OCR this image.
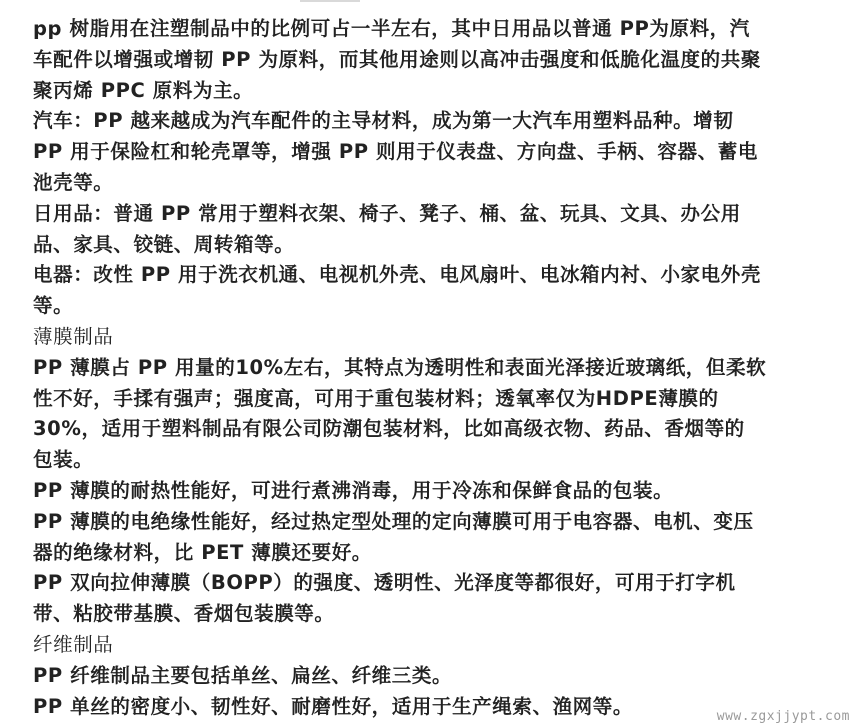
pp 树脂用在注塑制品中的比例可占一半左右，其中日用品以普通 PP为原料，汽
车配件以增强或增韧 PP 为原料，而其他用途则以高冲击强度和低脆化温度的共聚
聚丙烯 PPC 原料为主。
汽车：PP 越来越成为汽车配件的主导材料，成为第一大汽车用塑料品种。增韧
PP 用于保险杠和轮壳罩等，增强 PP 则用于仪表盘、方向盘、手柄、容器、蓄电
池壳等。
日用品：普通 PP 常用于塑料衣架、椅子、凳子、桶、盆、玩具、文具、办公用
品、家具、铰链、周转箱等。
电器：改性 PP 用于洗衣机通、电视机外壳、电风扇叶、电冰箱内衬、小家电外壳
等。
薄膜制品
PP 薄膜占 PP 用量的10%左右，其特点为透明性和表面光泽接近玻璃纸，但柔软
性不好，手揉有强声；强度高，可用于重包装材料；透氧率仅为HDPE薄膜的
30%，适用于塑料制品有限公司防潮包装材料，比如高级衣物、药品、香烟等的
包装。
PP 薄膜的耐热性能好，可进行煮沸消毒，用于冷冻和保鲜食品的包装。
PP 薄膜的电绝缘性能好，经过热定型处理的定向薄膜可用于电容器、电机、变压
器的绝缘材料，比 PET 薄膜还要好。
PP 双向拉伸薄膜（BOPP）的强度、透明性、光泽度等都很好，可用于打字机
带、粘胶带基膜、香烟包装膜等。
纤维制品
PP 纤维制品主要包括单丝、扁丝、纤维三类。
PP 单丝的密度小、韧性好、耐磨性好，适用于生产绳索、渔网等。	www.zgxjjypt.com
